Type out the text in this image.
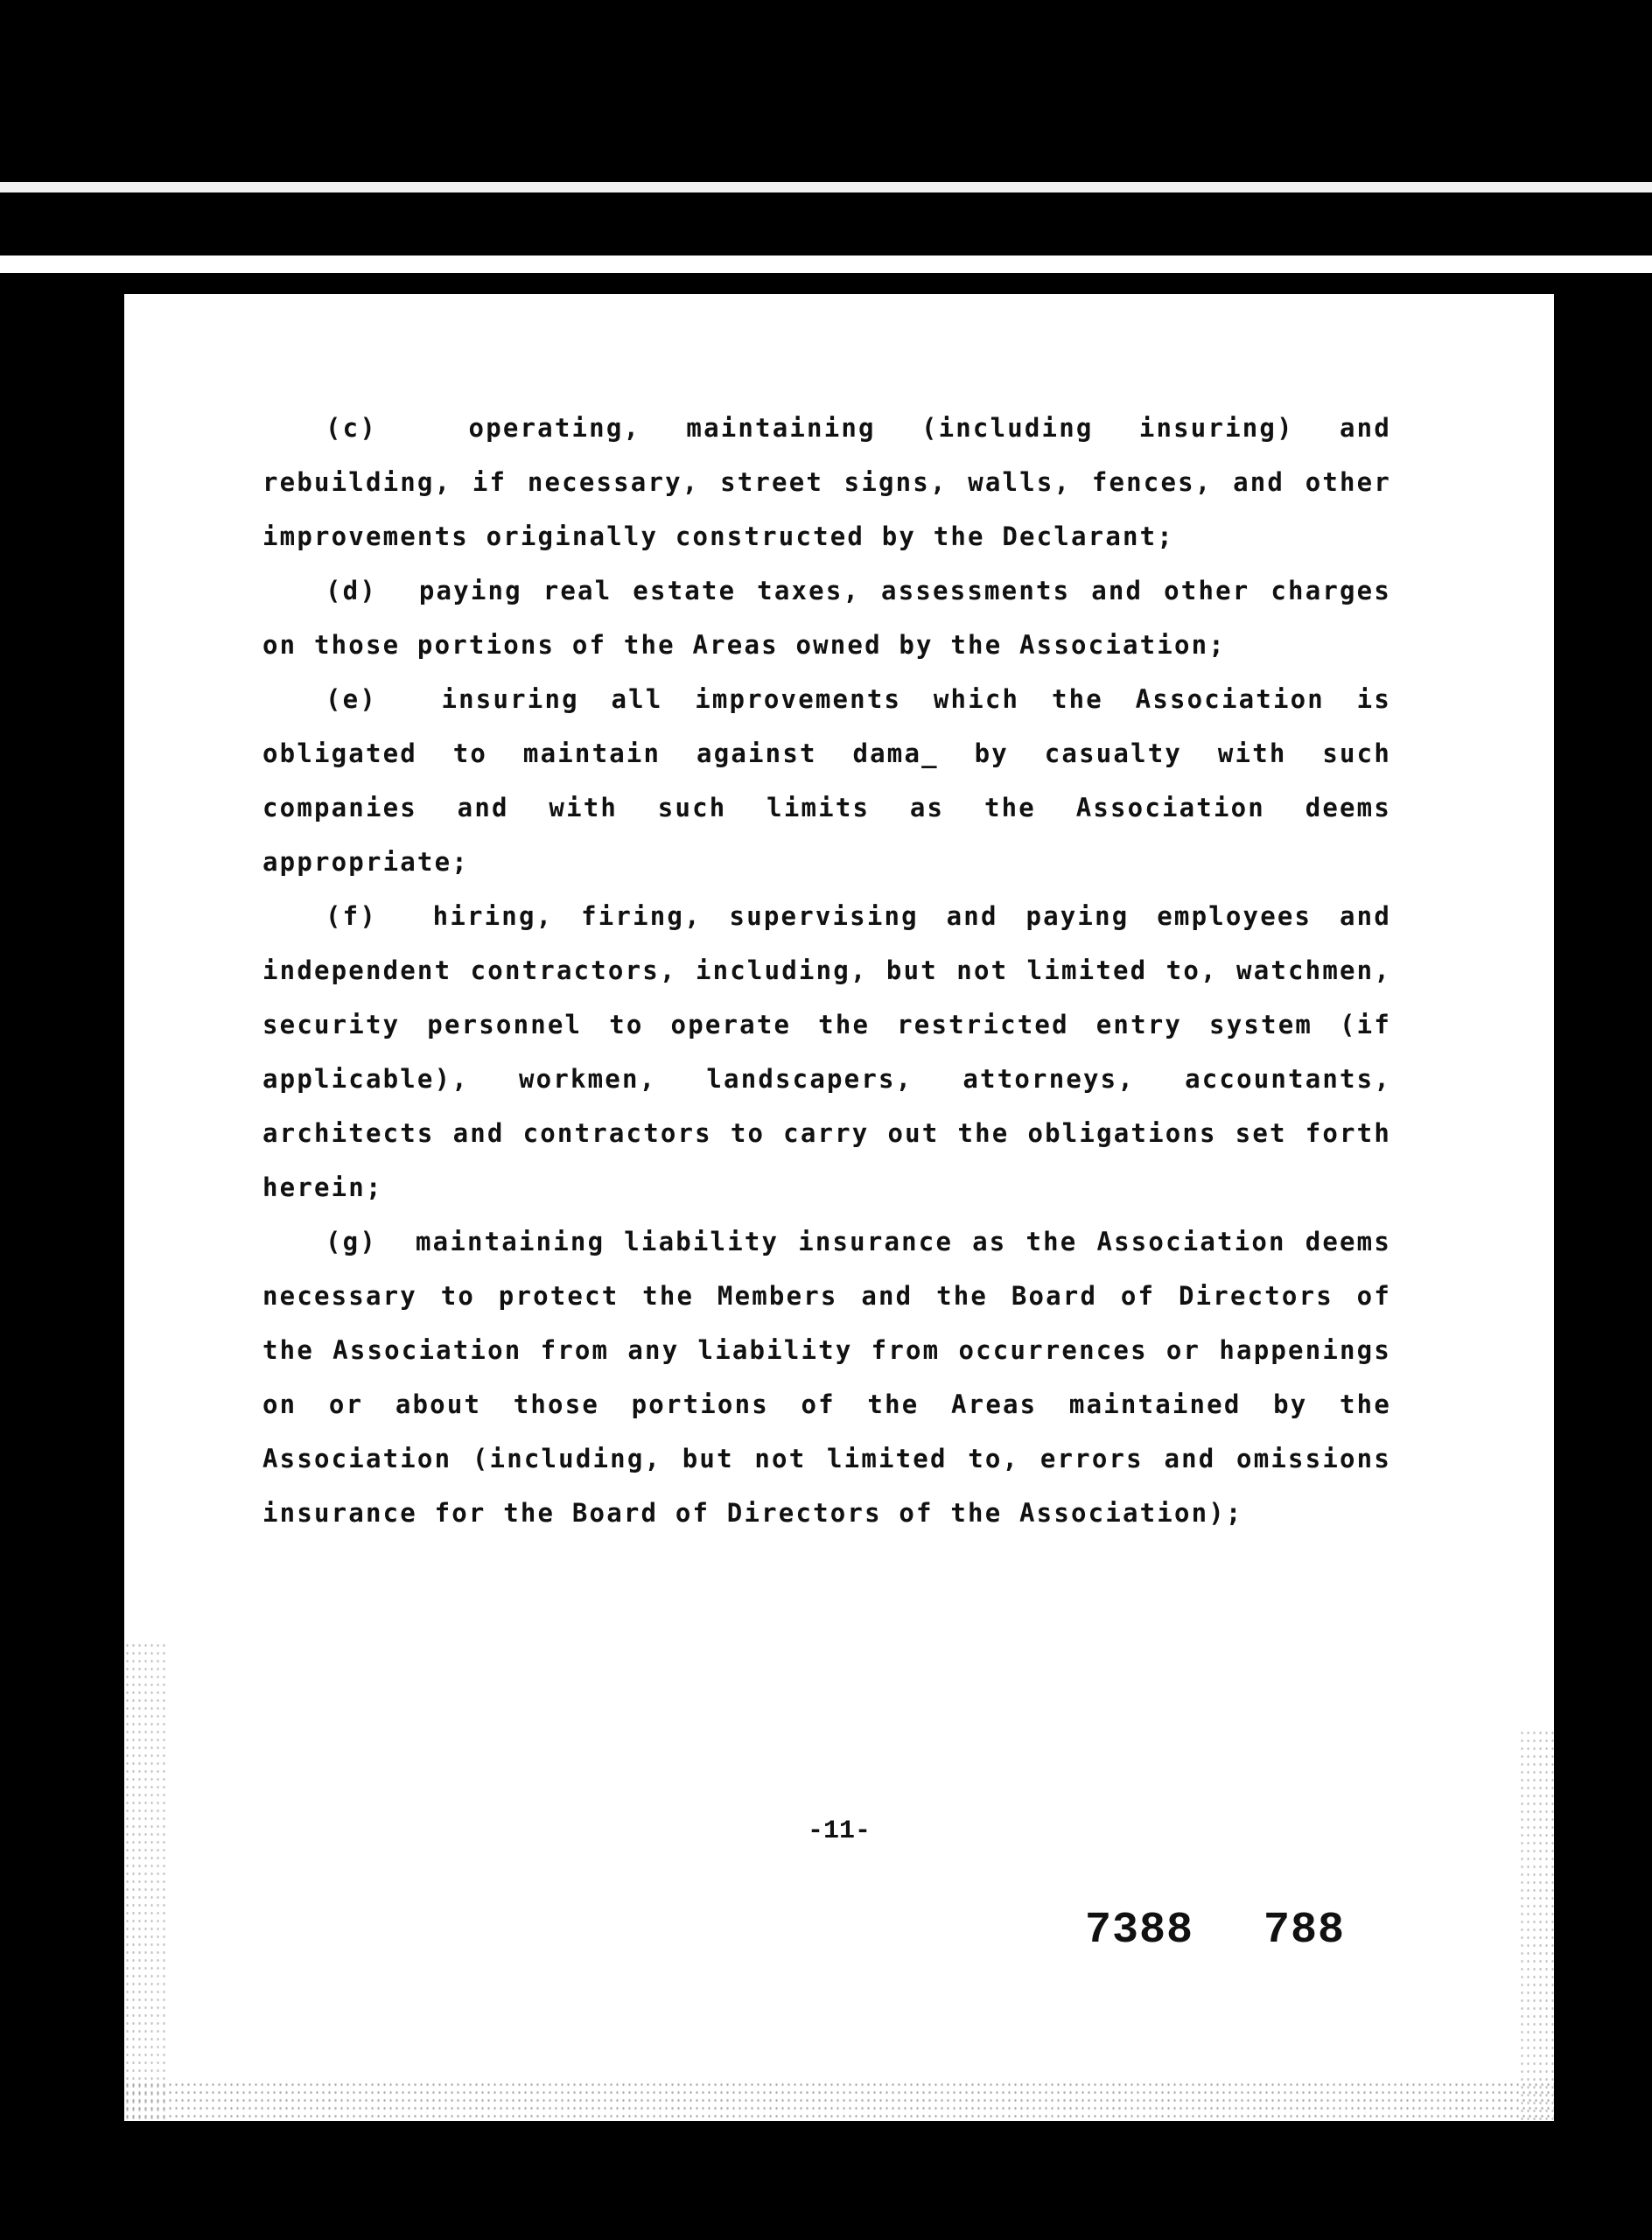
(c)	operating, maintaining (including insuring) and rebuilding, if necessary, street signs, walls, fences, and other improvements originally constructed by the Declarant;

(d) paying real estate taxes, assessments and other charges on those portions of the Areas owned by the Association;

(e)	insuring all improvements which the Association is obligated to maintain against dama_ by casualty with such companies and with such limits as the Association deems appropriate;

(f) hiring, firing, supervising and paying employees and independent contractors, including, but not limited to, watchmen, security personnel to operate the restricted entry system (if applicable), workmen, landscapers, attorneys, accountants, architects and contractors to carry out the obligations set forth herein;

(g) maintaining liability insurance as the Association deems necessary to protect the Members and the Board of Directors of the Association from any liability from occurrences or happenings on or about those portions of the Areas maintained by the Association (including, but not limited to, errors and omissions insurance for the Board of Directors of the Association);

-11-
7388 788
